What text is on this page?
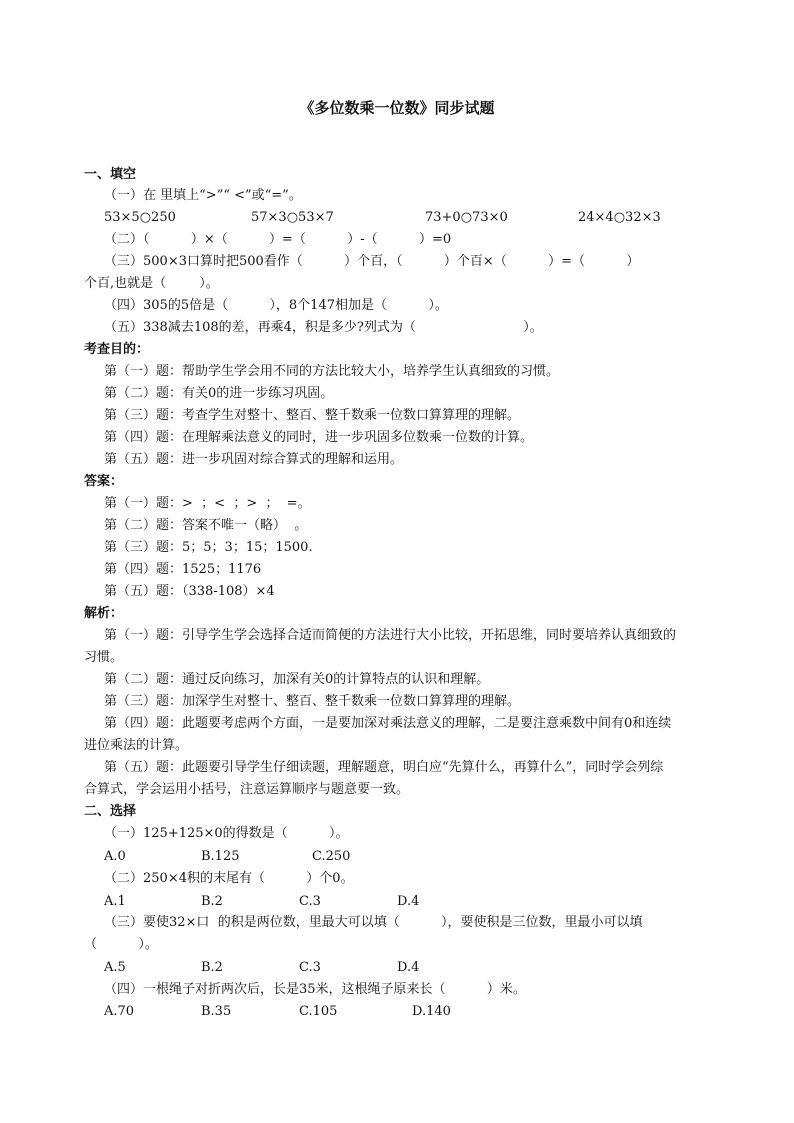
《多位数乘一位数》同步试题
一、填空
（一）在 里填上“>”“ <”或“=”。
53×5○250	57×3○53×7	73+0○73×0	24×4○32×3
（二）（          ）×（          ）=（          ）-（          ）=0
（三）500×3口算时把500看作（          ）个百，（          ）个百×（          ）=（          ）
个百,也就是（        ）。
（四）305的5倍是（          ），8个147相加是（          ）。
（五）338减去108的差，再乘4，积是多少?列式为（                          ）。
考查目的：
第（一）题：帮助学生学会用不同的方法比较大小，培养学生认真细致的习惯。
第（二）题：有关0的进一步练习巩固。
第（三）题：考查学生对整十、整百、整千数乘一位数口算算理的理解。
第（四）题：在理解乘法意义的同时，进一步巩固多位数乘一位数的计算。
第（五）题：进一步巩固对综合算式的理解和运用。
答案：
第（一）题：>  ；<  ；>  ；  =。
第（二）题：答案不唯一（略）  。
第（三）题：5；5；3；15；1500.
第（四）题：1525；1176
第（五）题：（338-108）×4
解析：
第（一）题：引导学生学会选择合适而简便的方法进行大小比较，开拓思维，同时要培养认真细致的
习惯。
第（二）题：通过反向练习，加深有关0的计算特点的认识和理解。
第（三）题：加深学生对整十、整百、整千数乘一位数口算算理的理解。
第（四）题：此题要考虑两个方面，一是要加深对乘法意义的理解，二是要注意乘数中间有0和连续
进位乘法的计算。
第（五）题：此题要引导学生仔细读题，理解题意，明白应“先算什么，再算什么”，同时学会列综
合算式，学会运用小括号，注意运算顺序与题意要一致。
二、选择
（一）125+125×0的得数是（          ）。
A.0	B.125	C.250
（二）250×4积的末尾有（          ）个0。
A.1	B.2	C.3	D.4
（三）要使32×口  的积是两位数，里最大可以填（          ），要使积是三位数，里最小可以填
（          ）。
A.5	B.2	C.3	D.4
（四）一根绳子对折两次后，长是35米，这根绳子原来长（          ）米。
A.70	B.35	C.105	D.140
